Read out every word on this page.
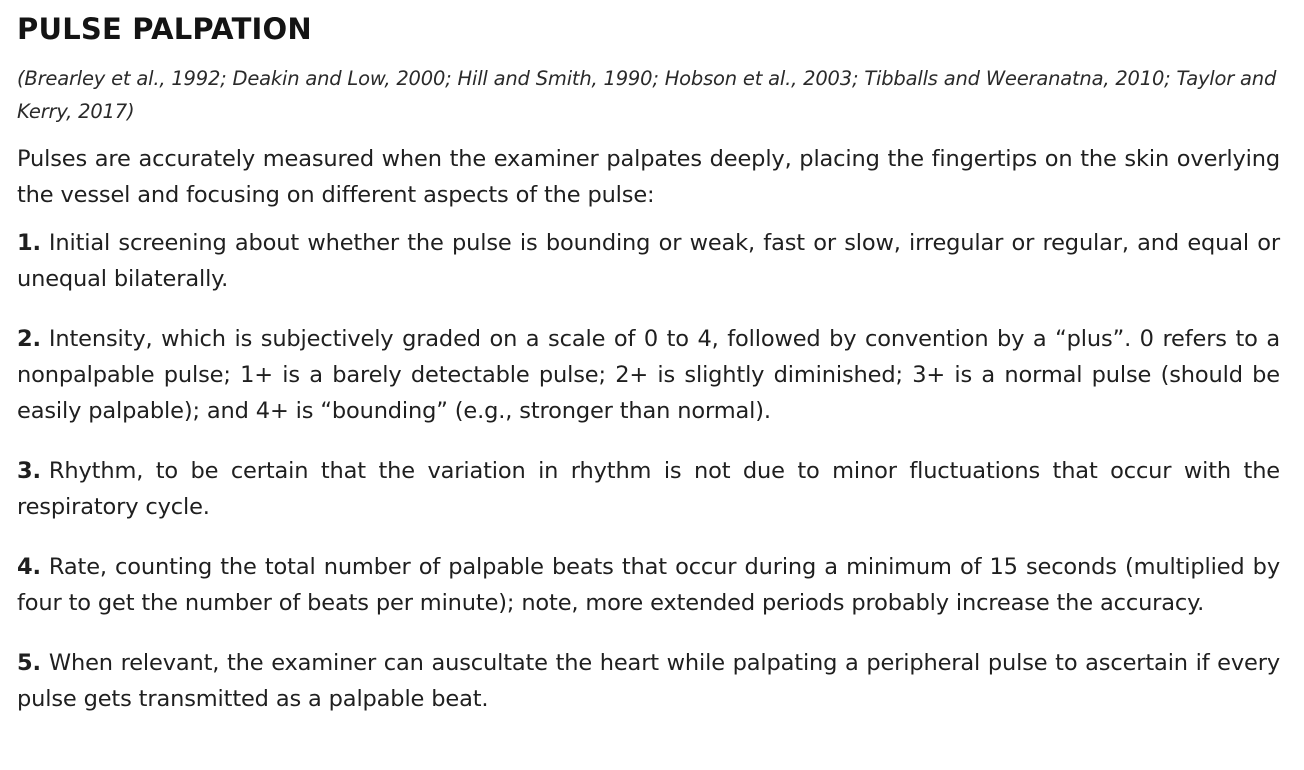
PULSE PALPATION

(Brearley et al., 1992; Deakin and Low, 2000; Hill and Smith, 1990; Hobson et al., 2003; Tibballs and Weeranatna, 2010; Taylor and Kerry, 2017)

Pulses are accurately measured when the examiner palpates deeply, placing the fingertips on the skin overlying the vessel and focusing on different aspects of the pulse:

1. Initial screening about whether the pulse is bounding or weak, fast or slow, irregular or regular, and equal or unequal bilaterally.
2. Intensity, which is subjectively graded on a scale of 0 to 4, followed by convention by a “plus”. 0 refers to a nonpalpable pulse; 1+ is a barely detectable pulse; 2+ is slightly diminished; 3+ is a normal pulse (should be easily palpable); and 4+ is “bounding” (e.g., stronger than normal).
3. Rhythm, to be certain that the variation in rhythm is not due to minor fluctuations that occur with the respiratory cycle.
4. Rate, counting the total number of palpable beats that occur during a minimum of 15 seconds (multiplied by four to get the number of beats per minute); note, more extended periods probably increase the accuracy.
5. When relevant, the examiner can auscultate the heart while palpating a peripheral pulse to ascertain if every pulse gets transmitted as a palpable beat.
